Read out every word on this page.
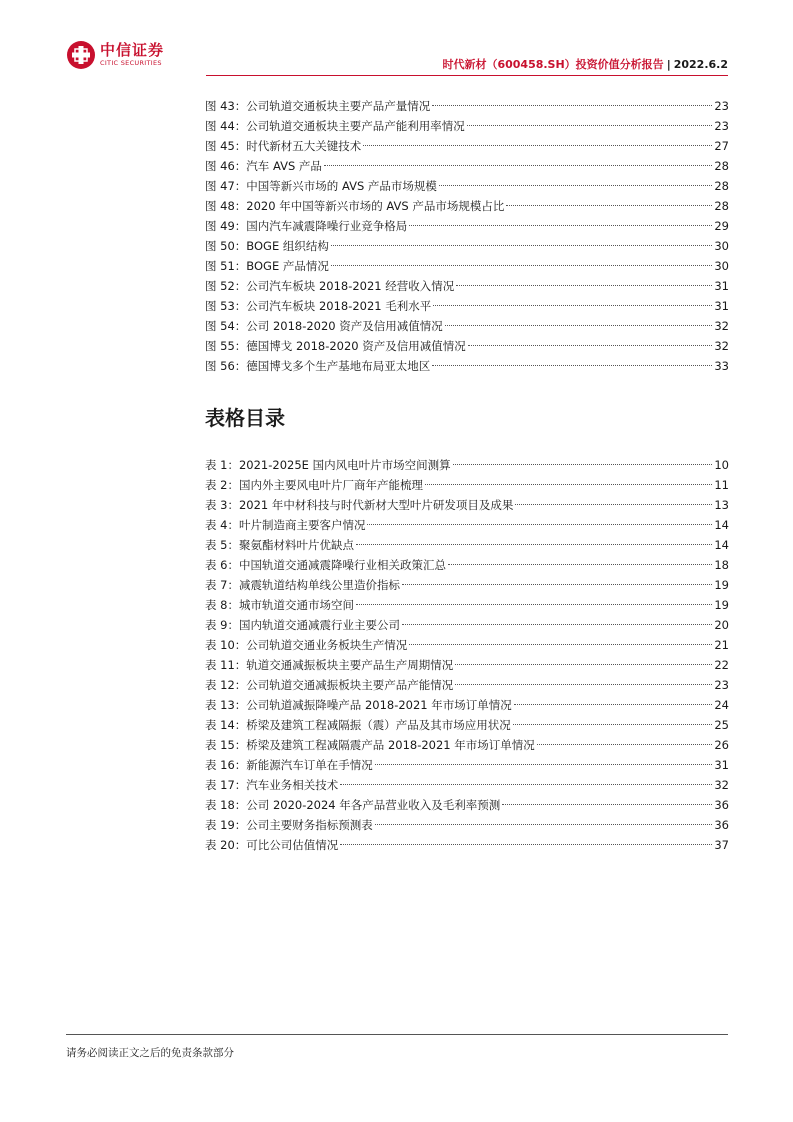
中信证券
CITIC SECURITIES	时代新材（600458.SH）投资价值分析报告 | 2022.6.2
图 43：公司轨道交通板块主要产品产量情况	23
图 44：公司轨道交通板块主要产品产能利用率情况	23
图 45：时代新材五大关键技术	27
图 46：汽车 AVS 产品	28
图 47：中国等新兴市场的 AVS 产品市场规模	28
图 48：2020 年中国等新兴市场的 AVS 产品市场规模占比	28
图 49：国内汽车减震降噪行业竞争格局	29
图 50：BOGE 组织结构	30
图 51：BOGE 产品情况	30
图 52：公司汽车板块 2018-2021 经营收入情况	31
图 53：公司汽车板块 2018-2021 毛利水平	31
图 54：公司 2018-2020 资产及信用减值情况	32
图 55：德国博戈 2018-2020 资产及信用减值情况	32
图 56：德国博戈多个生产基地布局亚太地区	33
表格目录
表 1：2021-2025E 国内风电叶片市场空间测算	10
表 2：国内外主要风电叶片厂商年产能梳理	11
表 3：2021 年中材科技与时代新材大型叶片研发项目及成果	13
表 4：叶片制造商主要客户情况	14
表 5：聚氨酯材料叶片优缺点	14
表 6：中国轨道交通减震降噪行业相关政策汇总	18
表 7：减震轨道结构单线公里造价指标	19
表 8：城市轨道交通市场空间	19
表 9：国内轨道交通减震行业主要公司	20
表 10：公司轨道交通业务板块生产情况	21
表 11：轨道交通减振板块主要产品生产周期情况	22
表 12：公司轨道交通减振板块主要产品产能情况	23
表 13：公司轨道减振降噪产品 2018-2021 年市场订单情况	24
表 14：桥梁及建筑工程减隔振（震）产品及其市场应用状况	25
表 15：桥梁及建筑工程减隔震产品 2018-2021 年市场订单情况	26
表 16：新能源汽车订单在手情况	31
表 17：汽车业务相关技术	32
表 18：公司 2020-2024 年各产品营业收入及毛利率预测	36
表 19：公司主要财务指标预测表	36
表 20：可比公司估值情况	37
请务必阅读正文之后的免责条款部分
